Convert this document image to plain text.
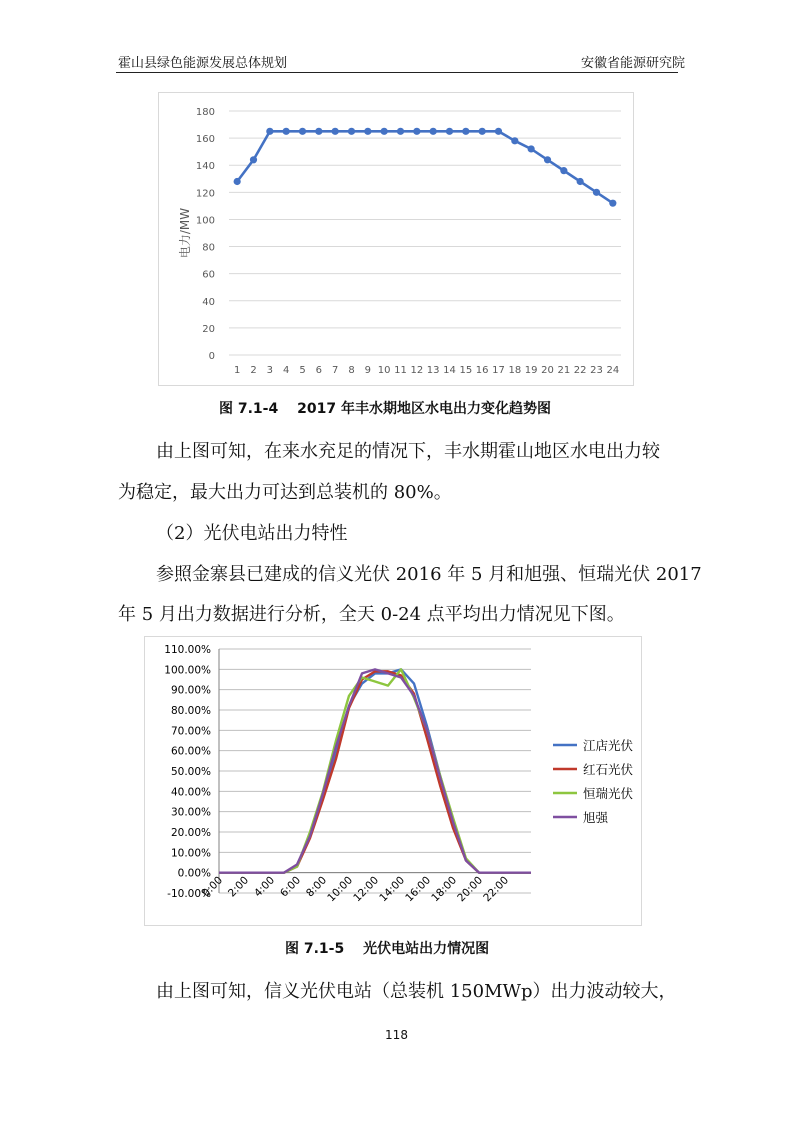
霍山县绿色能源发展总体规划	安徽省能源研究院
0
20
40
60
80
100
120
140
160
180
1 2 3 4 5 6 7 8 9 10 11 12 13 14 15 16 17 18 19 20 21 22 23 24
电力/MW
图 7.1-4　 2017 年丰水期地区水电出力变化趋势图
由上图可知，在来水充足的情况下，丰水期霍山地区水电出力较
为稳定，最大出力可达到总装机的 80%。
（2）光伏电站出力特性
参照金寨县已建成的信义光伏 2016 年 5 月和旭强、恒瑞光伏 2017
年 5 月出力数据进行分析，全天 0-24 点平均出力情况见下图。
-10.00%
0.00%
10.00%
20.00%
30.00%
40.00%
50.00%
60.00%
70.00%
80.00%
90.00%
100.00%
110.00%
0:00 2:00 4:00 6:00 8:00
10:00
12:00
14:00
16:00
18:00
20:00
22:00
江店光伏
红石光伏
恒瑞光伏
旭强
图 7.1-5　 光伏电站出力情况图
由上图可知，信义光伏电站（总装机 150MWp）出力波动较大，
118
